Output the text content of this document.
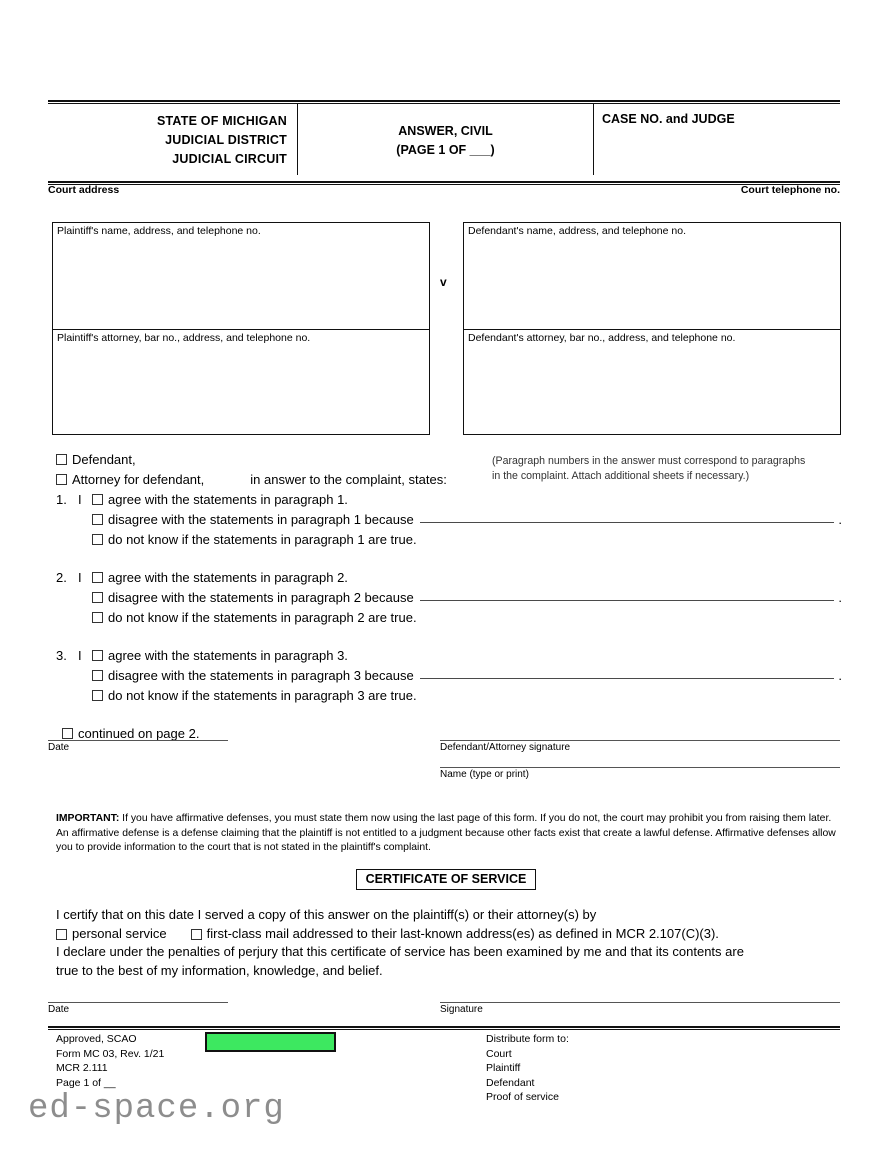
STATE OF MICHIGAN
JUDICIAL DISTRICT
JUDICIAL CIRCUIT
ANSWER, CIVIL
(PAGE 1 OF ___)
CASE NO. and JUDGE
Court address	Court telephone no.
Plaintiff's name, address, and telephone no.
Plaintiff's attorney, bar no., address, and telephone no.
Defendant's name, address, and telephone no.
Defendant's attorney, bar no., address, and telephone no.
v
(Paragraph numbers in the answer must correspond to paragraphs
in the complaint. Attach additional sheets if necessary.)
Defendant,
Attorney for defendant,	in answer to the complaint, states:
1. I	agree with the statements in paragraph 1.
disagree with the statements in paragraph 1 because	.
do not know if the statements in paragraph 1 are true.
2. I	agree with the statements in paragraph 2.
disagree with the statements in paragraph 2 because	.
do not know if the statements in paragraph 2 are true.
3. I	agree with the statements in paragraph 3.
disagree with the statements in paragraph 3 because	.
do not know if the statements in paragraph 3 are true.
continued on page 2.
Date	Defendant/Attorney signature
Name (type or print)
IMPORTANT: If you have affirmative defenses, you must state them now using the last page of this form. If you do not, the court may prohibit you from raising them later. An affirmative defense is a defense claiming that the plaintiff is not entitled to a judgment because other facts exist that create a lawful defense. Affirmative defenses allow you to provide information to the court that is not stated in the plaintiff's complaint.
CERTIFICATE OF SERVICE
I certify that on this date I served a copy of this answer on the plaintiff(s) or their attorney(s) by
personal service	first-class mail addressed to their last-known address(es) as defined in MCR 2.107(C)(3).
I declare under the penalties of perjury that this certificate of service has been examined by me and that its contents are
true to the best of my information, knowledge, and belief.
Date	Signature
Approved, SCAO
Form MC 03, Rev. 1/21
MCR 2.111
Page 1 of __
Distribute form to:
Court
Plaintiff
Defendant
Proof of service
ed-space.org
